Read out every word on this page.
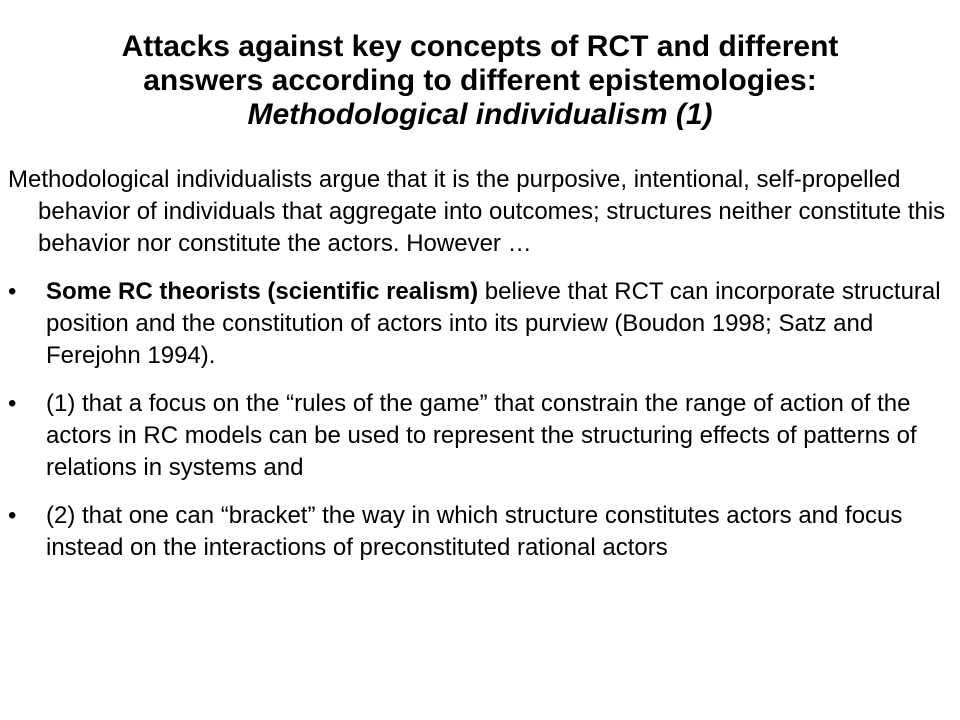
Attacks against key concepts of RCT and different
answers according to different epistemologies:
Methodological individualism (1)

Methodological individualists argue that it is the purposive, intentional, self-propelled behavior of individuals that aggregate into outcomes; structures neither constitute this behavior nor constitute the actors. However …

• Some RC theorists (scientific realism) believe that RCT can incorporate structural position and the constitution of actors into its purview (Boudon 1998; Satz and Ferejohn 1994).
• (1) that a focus on the “rules of the game” that constrain the range of action of the actors in RC models can be used to represent the structuring effects of patterns of relations in systems and
• (2) that one can “bracket” the way in which structure constitutes actors and focus instead on the interactions of preconstituted rational actors
